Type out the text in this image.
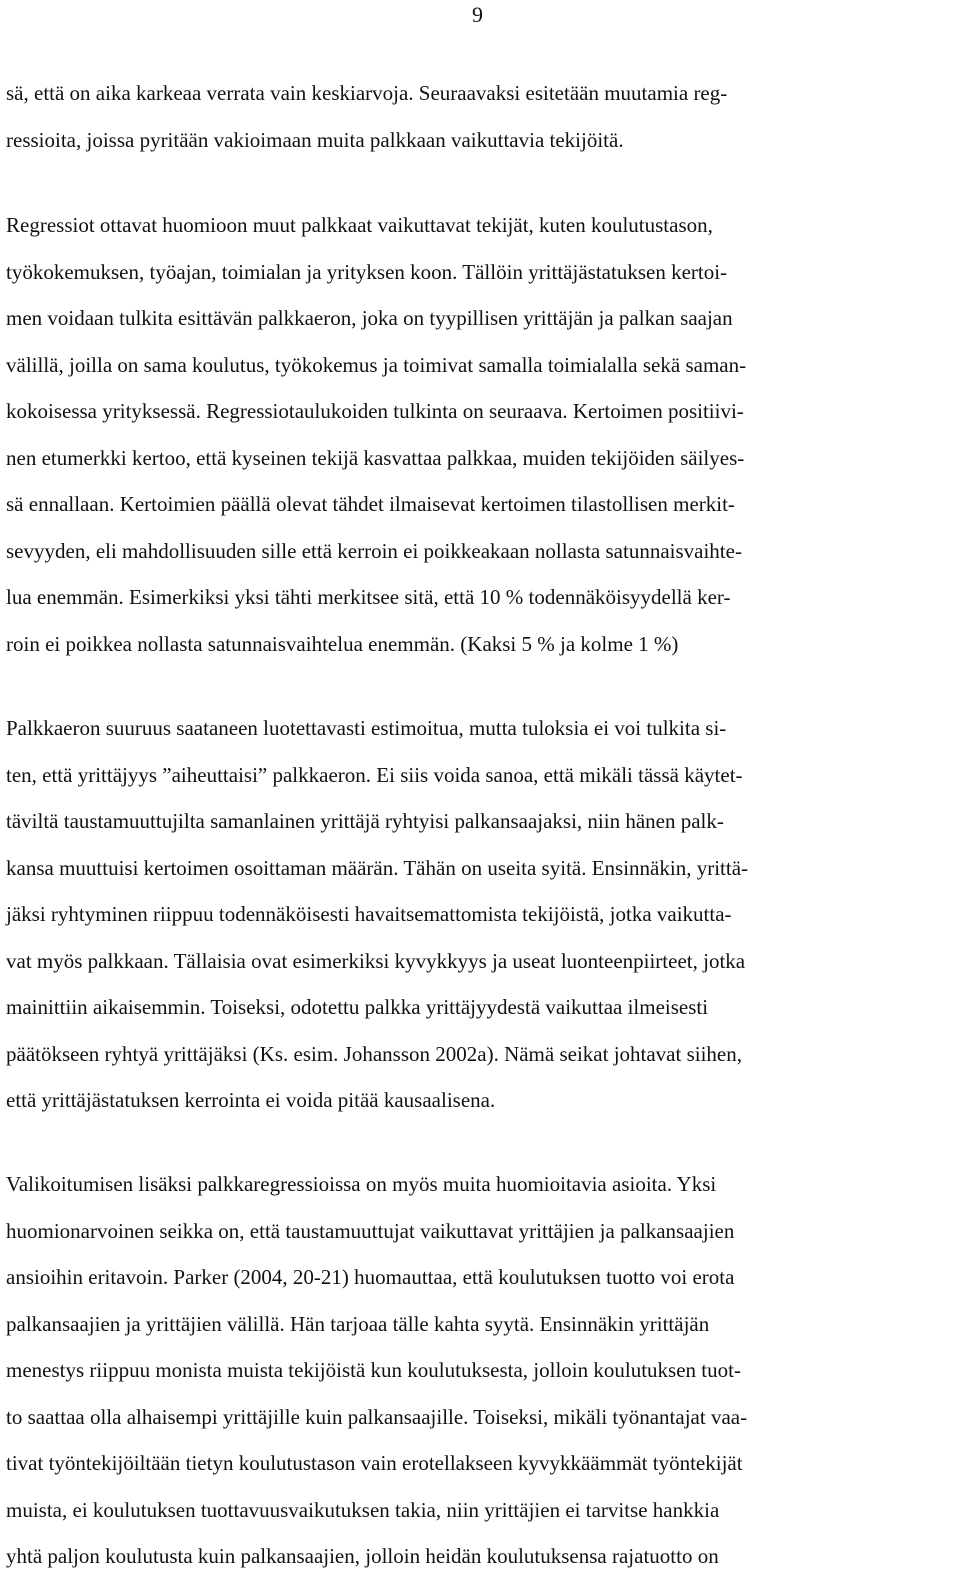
9
sä, että on aika karkeaa verrata vain keskiarvoja. Seuraavaksi esitetään muutamia reg-
ressioita, joissa pyritään vakioimaan muita palkkaan vaikuttavia tekijöitä.
Regressiot ottavat huomioon muut palkkaat vaikuttavat tekijät, kuten koulutustason,
työkokemuksen, työajan, toimialan ja yrityksen koon. Tällöin yrittäjästatuksen kertoi-
men voidaan tulkita esittävän palkkaeron, joka on tyypillisen yrittäjän ja palkan saajan
välillä, joilla on sama koulutus, työkokemus ja toimivat samalla toimialalla sekä saman-
kokoisessa yrityksessä. Regressiotaulukoiden tulkinta on seuraava. Kertoimen positiivi-
nen etumerkki kertoo, että kyseinen tekijä kasvattaa palkkaa, muiden tekijöiden säilyes-
sä ennallaan. Kertoimien päällä olevat tähdet ilmaisevat kertoimen tilastollisen merkit-
sevyyden, eli mahdollisuuden sille että kerroin ei poikkeakaan nollasta satunnaisvaihte-
lua enemmän. Esimerkiksi yksi tähti merkitsee sitä, että 10 % todennäköisyydellä ker-
roin ei poikkea nollasta satunnaisvaihtelua enemmän. (Kaksi 5 % ja kolme 1 %)
Palkkaeron suuruus saataneen luotettavasti estimoitua, mutta tuloksia ei voi tulkita si-
ten, että yrittäjyys ”aiheuttaisi” palkkaeron. Ei siis voida sanoa, että mikäli tässä käytet-
täviltä taustamuuttujilta samanlainen yrittäjä ryhtyisi palkansaajaksi, niin hänen palk-
kansa muuttuisi kertoimen osoittaman määrän. Tähän on useita syitä. Ensinnäkin, yrittä-
jäksi ryhtyminen riippuu todennäköisesti havaitsemattomista tekijöistä, jotka vaikutta-
vat myös palkkaan. Tällaisia ovat esimerkiksi kyvykkyys ja useat luonteenpiirteet, jotka
mainittiin aikaisemmin. Toiseksi, odotettu palkka yrittäjyydestä vaikuttaa ilmeisesti
päätökseen ryhtyä yrittäjäksi (Ks. esim. Johansson 2002a). Nämä seikat johtavat siihen,
että yrittäjästatuksen kerrointa ei voida pitää kausaalisena.
Valikoitumisen lisäksi palkkaregressioissa on myös muita huomioitavia asioita. Yksi
huomionarvoinen seikka on, että taustamuuttujat vaikuttavat yrittäjien ja palkansaajien
ansioihin eritavoin. Parker (2004, 20-21) huomauttaa, että koulutuksen tuotto voi erota
palkansaajien ja yrittäjien välillä. Hän tarjoaa tälle kahta syytä. Ensinnäkin yrittäjän
menestys riippuu monista muista tekijöistä kun koulutuksesta, jolloin koulutuksen tuot-
to saattaa olla alhaisempi yrittäjille kuin palkansaajille. Toiseksi, mikäli työnantajat vaa-
tivat työntekijöiltään tietyn koulutustason vain erotellakseen kyvykkäämmät työntekijät
muista, ei koulutuksen tuottavuusvaikutuksen takia, niin yrittäjien ei tarvitse hankkia
yhtä paljon koulutusta kuin palkansaajien, jolloin heidän koulutuksensa rajatuotto on
